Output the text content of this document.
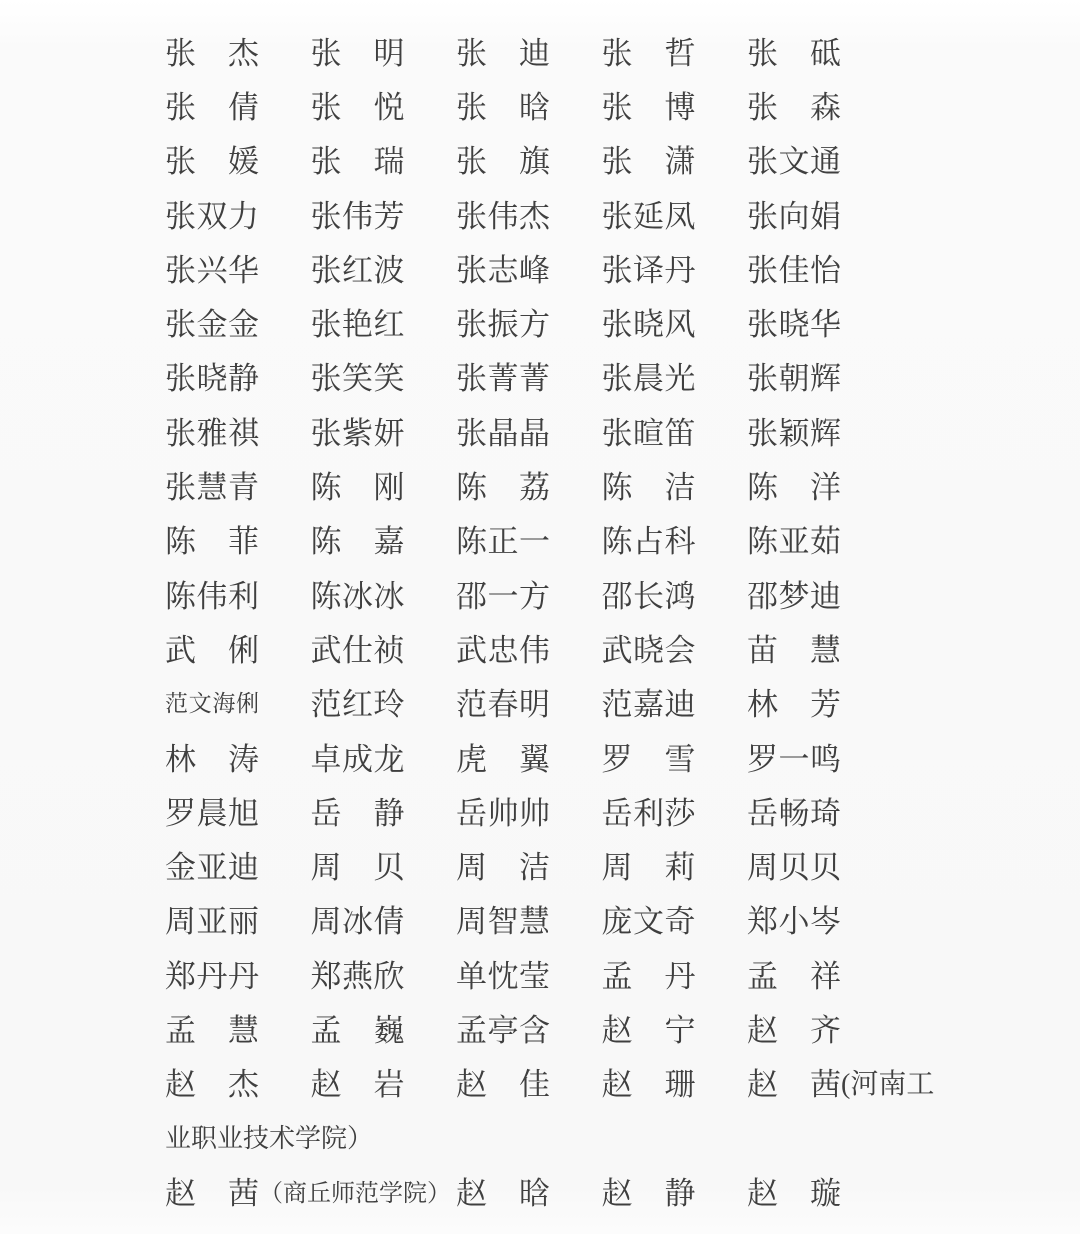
张 杰 张 明 张 迪 张 哲 张 砥
张 倩 张 悦 张 晗 张 博 张 森
张 媛 张 瑞 张 旗 张 潇 张 文 通
张 双 力 张 伟 芳 张 伟 杰 张 延 凤 张 向 娟
张 兴 华 张 红 波 张 志 峰 张 译 丹 张 佳 怡
张 金 金 张 艳 红 张 振 方 张 晓 风 张 晓 华
张 晓 静 张 笑 笑 张 菁 菁 张 晨 光 张 朝 辉
张 雅 祺 张 紫 妍 张 晶 晶 张 暄 笛 张 颖 辉
张 慧 青 陈 刚 陈 荔 陈 洁 陈 洋
陈 菲 陈 嘉 陈 正 一 陈 占 科 陈 亚 茹
陈 伟 利 陈 冰 冰 邵 一 方 邵 长 鸿 邵 梦 迪
武 俐 武 仕 祯 武 忠 伟 武 晓 会 苗 慧
范 文 海 俐 范 红 玲 范 春 明 范 嘉 迪 林 芳
林 涛 卓 成 龙 虎 翼 罗 雪 罗 一 鸣
罗 晨 旭 岳 静 岳 帅 帅 岳 利 莎 岳 畅 琦
金 亚 迪 周 贝 周 洁 周 莉 周 贝 贝
周 亚 丽 周 冰 倩 周 智 慧 庞 文 奇 郑 小 岑
郑 丹 丹 郑 燕 欣 单 忱 莹 孟 丹 孟 祥
孟 慧 孟 巍 孟 亭 含 赵 宁 赵 齐
赵 杰 赵 岩 赵 佳 赵 珊 赵 茜 (河南工
业职业技术学院）
赵 茜 （商丘师范学院） 赵 晗 赵 静 赵 璇
